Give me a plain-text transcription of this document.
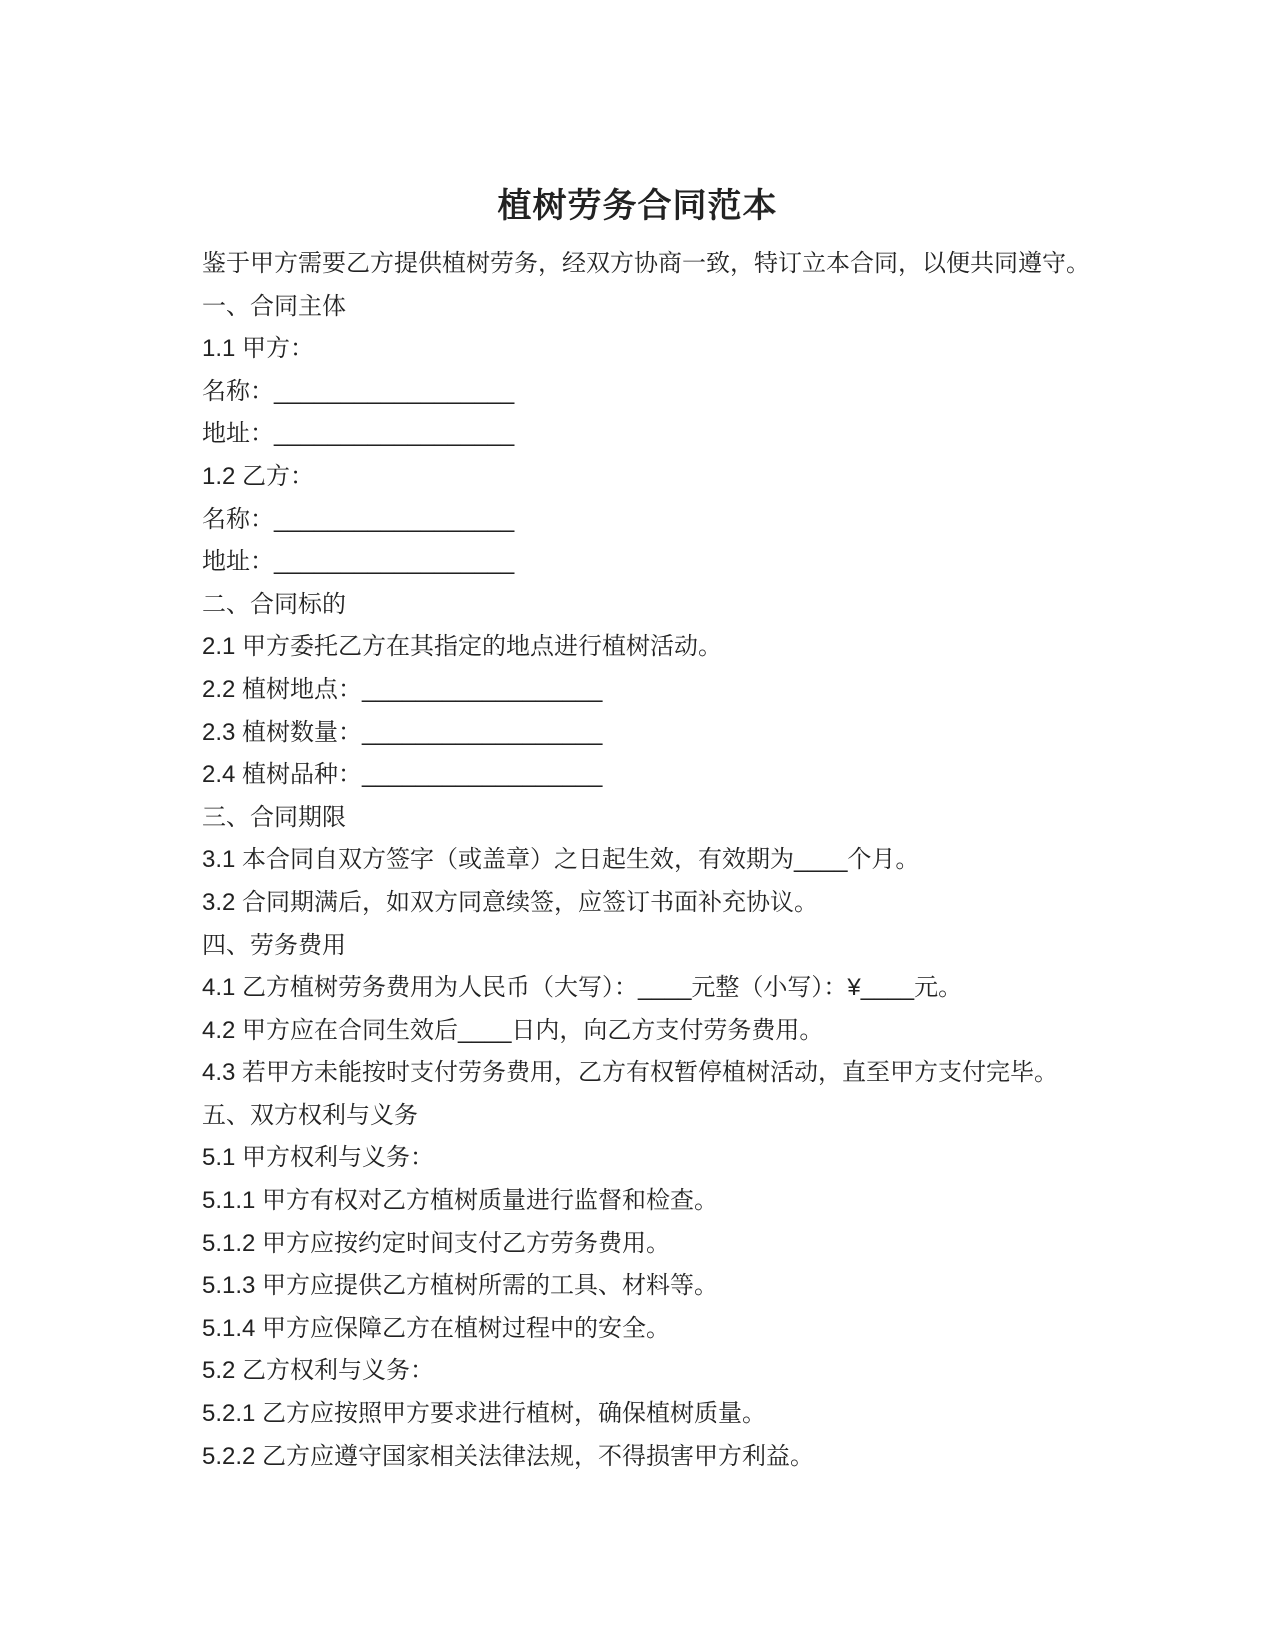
植树劳务合同范本

鉴于甲方需要乙方提供植树劳务，经双方协商一致，特订立本合同，以便共同遵守。

一、合同主体

1.1 甲方：

名称：__________________

地址：__________________

1.2 乙方：

名称：__________________

地址：__________________

二、合同标的

2.1 甲方委托乙方在其指定的地点进行植树活动。

2.2 植树地点：__________________

2.3 植树数量：__________________

2.4 植树品种：__________________

三、合同期限

3.1 本合同自双方签字（或盖章）之日起生效，有效期为____个月。

3.2 合同期满后，如双方同意续签，应签订书面补充协议。

四、劳务费用

4.1 乙方植树劳务费用为人民币（大写）：____元整（小写）：¥____元。

4.2 甲方应在合同生效后____日内，向乙方支付劳务费用。

4.3 若甲方未能按时支付劳务费用，乙方有权暂停植树活动，直至甲方支付完毕。

五、双方权利与义务

5.1 甲方权利与义务：

5.1.1 甲方有权对乙方植树质量进行监督和检查。

5.1.2 甲方应按约定时间支付乙方劳务费用。

5.1.3 甲方应提供乙方植树所需的工具、材料等。

5.1.4 甲方应保障乙方在植树过程中的安全。

5.2 乙方权利与义务：

5.2.1 乙方应按照甲方要求进行植树，确保植树质量。

5.2.2 乙方应遵守国家相关法律法规，不得损害甲方利益。
